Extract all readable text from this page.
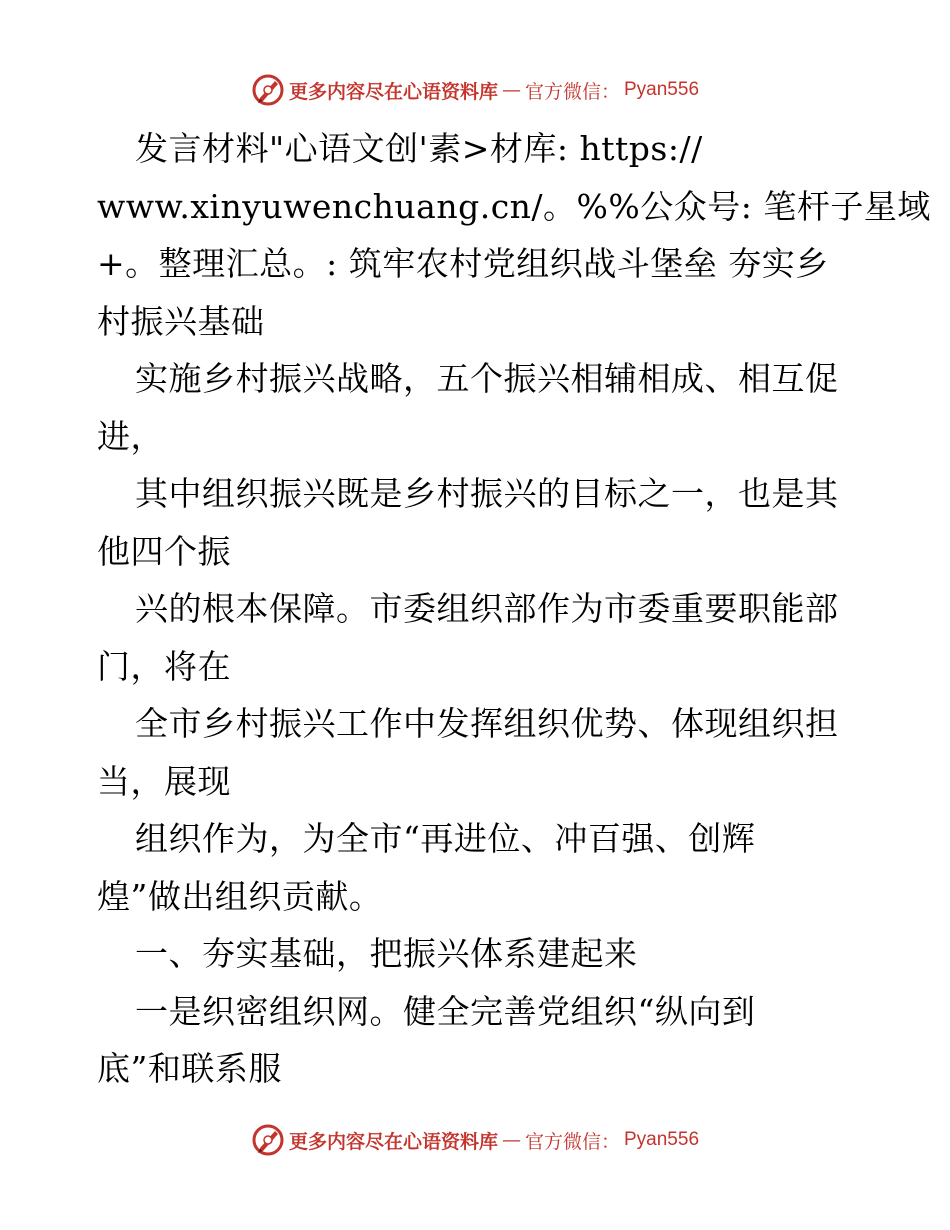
更多内容尽在心语资料库 — 官方微信： Pyan556
发言材料"心语文创'素>材库: https://
www.xinyuwenchuang.cn/。%%公众号: 笔杆子星域
+。整理汇总。: 筑牢农村党组织战斗堡垒 夯实乡
村振兴基础
实施乡村振兴战略，五个振兴相辅相成、相互促
进，
其中组织振兴既是乡村振兴的目标之一，也是其
他四个振
兴的根本保障。市委组织部作为市委重要职能部
门，将在
全市乡村振兴工作中发挥组织优势、体现组织担
当，展现
组织作为，为全市“再进位、冲百强、创辉
煌”做出组织贡献。
一、夯实基础，把振兴体系建起来
一是织密组织网。健全完善党组织“纵向到
底”和联系服
更多内容尽在心语资料库 — 官方微信： Pyan556
